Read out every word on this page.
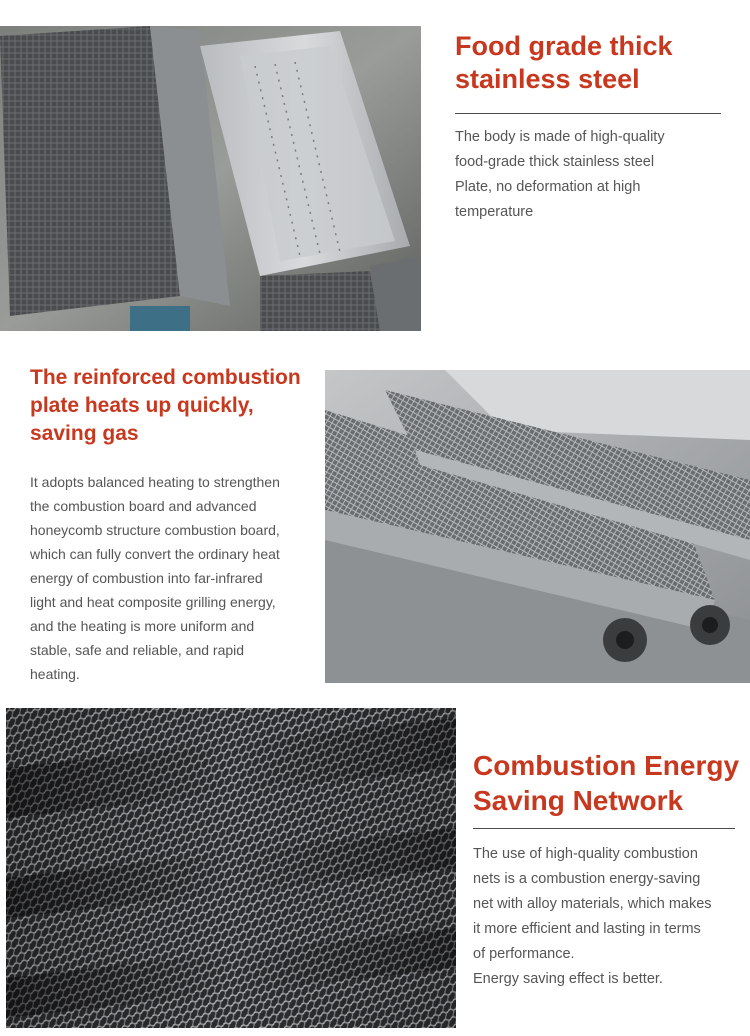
Food grade thick
stainless steel

The body is made of high-quality
food-grade thick stainless steel
Plate, no deformation at high
temperature

The reinforced combustion
plate heats up quickly,
saving gas

It adopts balanced heating to strengthen
the combustion board and advanced
honeycomb structure combustion board,
which can fully convert the ordinary heat
energy of combustion into far-infrared
light and heat composite grilling energy,
and the heating is more uniform and
stable, safe and reliable, and rapid
heating.

Combustion Energy
Saving Network

The use of high-quality combustion
nets is a combustion energy-saving
net with alloy materials, which makes
it more efficient and lasting in terms
of performance.
Energy saving effect is better.
